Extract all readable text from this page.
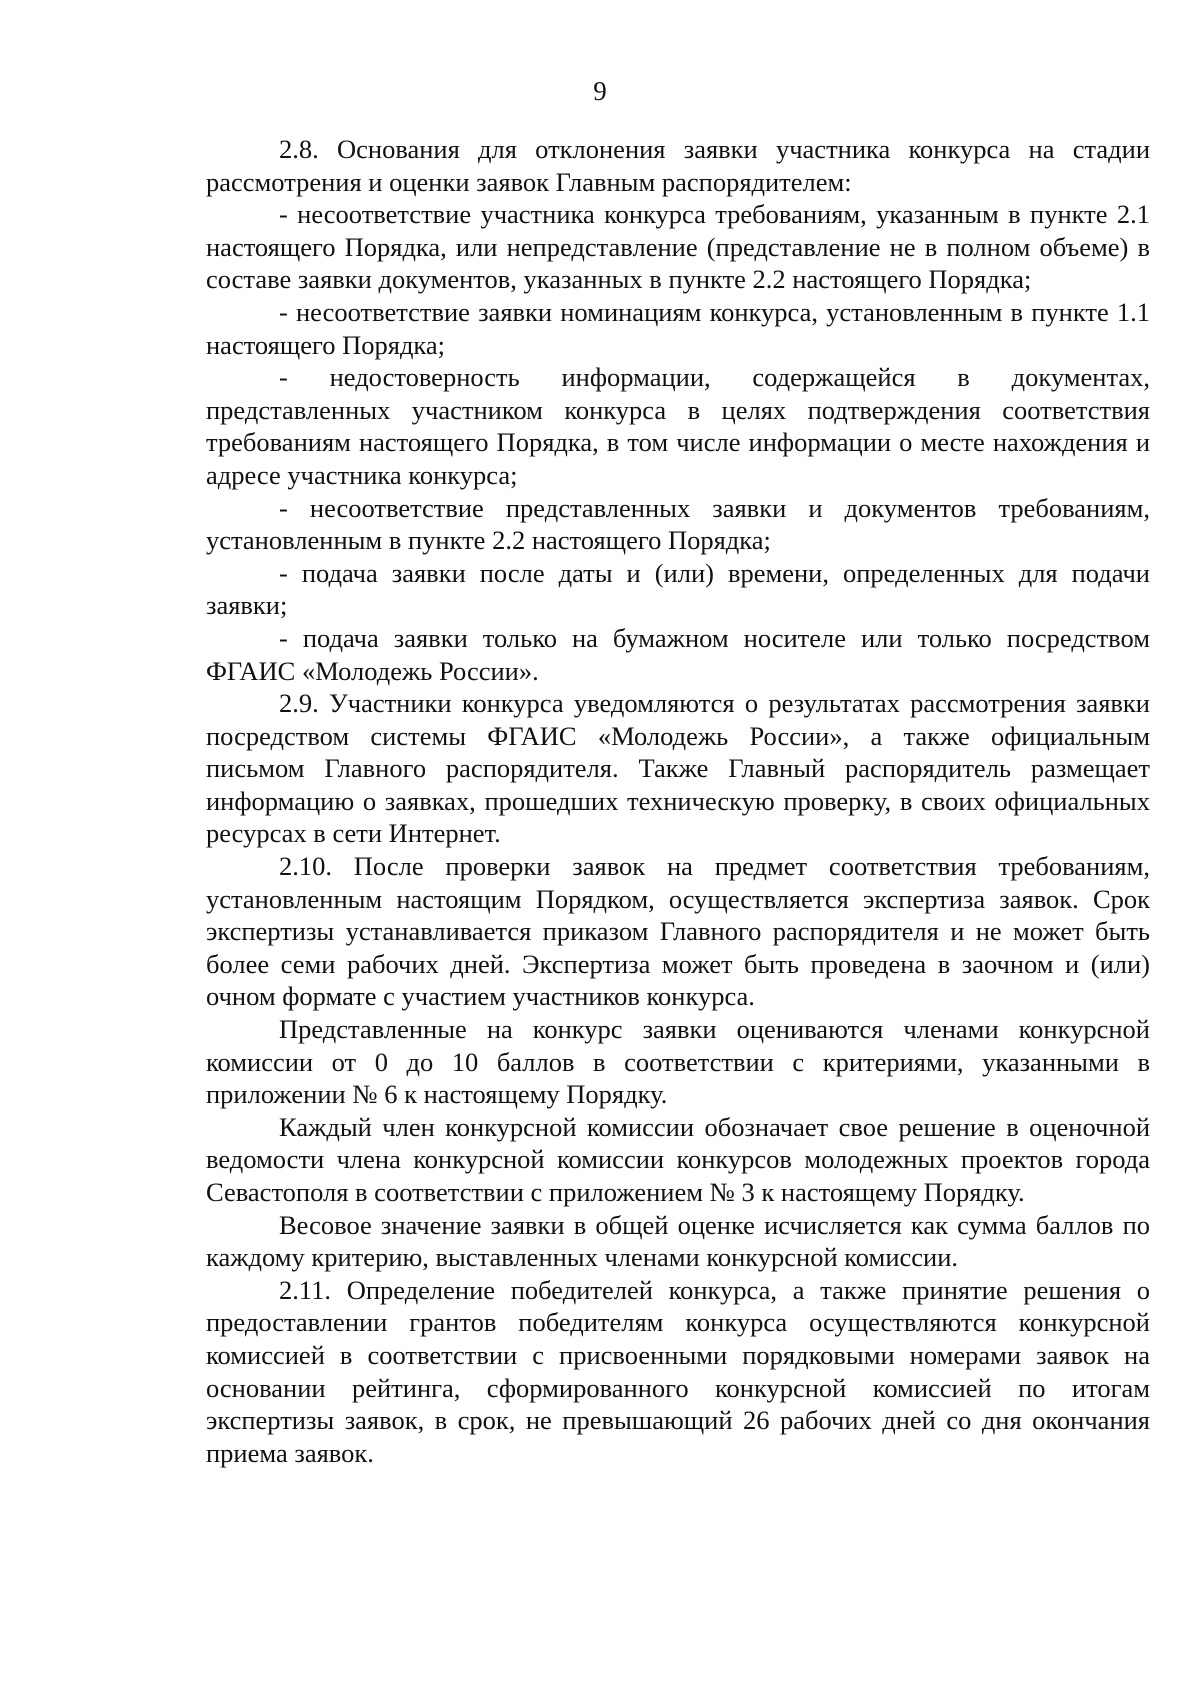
9

2.8. Основания для отклонения заявки участника конкурса на стадии рассмотрения и оценки заявок Главным распорядителем:

- несоответствие участника конкурса требованиям, указанным в пункте 2.1 настоящего Порядка, или непредставление (представление не в полном объеме) в составе заявки документов, указанных в пункте 2.2 настоящего Порядка;

- несоответствие заявки номинациям конкурса, установленным в пункте 1.1 настоящего Порядка;

- недостоверность информации, содержащейся в документах, представленных участником конкурса в целях подтверждения соответствия требованиям настоящего Порядка, в том числе информации о месте нахождения и адресе участника конкурса;

- несоответствие представленных заявки и документов требованиям, установленным в пункте 2.2 настоящего Порядка;

- подача заявки после даты и (или) времени, определенных для подачи заявки;

- подача заявки только на бумажном носителе или только посредством ФГАИС «Молодежь России».

2.9. Участники конкурса уведомляются о результатах рассмотрения заявки посредством системы ФГАИС «Молодежь России», а также официальным письмом Главного распорядителя. Также Главный распорядитель размещает информацию о заявках, прошедших техническую проверку, в своих официальных ресурсах в сети Интернет.

2.10. После проверки заявок на предмет соответствия требованиям, установленным настоящим Порядком, осуществляется экспертиза заявок. Срок экспертизы устанавливается приказом Главного распорядителя и не может быть более семи рабочих дней. Экспертиза может быть проведена в заочном и (или) очном формате с участием участников конкурса.

Представленные на конкурс заявки оцениваются членами конкурсной комиссии от 0 до 10 баллов в соответствии с критериями, указанными в приложении № 6 к настоящему Порядку.

Каждый член конкурсной комиссии обозначает свое решение в оценочной ведомости члена конкурсной комиссии конкурсов молодежных проектов города Севастополя в соответствии с приложением № 3 к настоящему Порядку.

Весовое значение заявки в общей оценке исчисляется как сумма баллов по каждому критерию, выставленных членами конкурсной комиссии.

2.11. Определение победителей конкурса, а также принятие решения о предоставлении грантов победителям конкурса осуществляются конкурсной комиссией в соответствии с присвоенными порядковыми номерами заявок на основании рейтинга, сформированного конкурсной комиссией по итогам экспертизы заявок, в срок, не превышающий 26 рабочих дней со дня окончания приема заявок.
